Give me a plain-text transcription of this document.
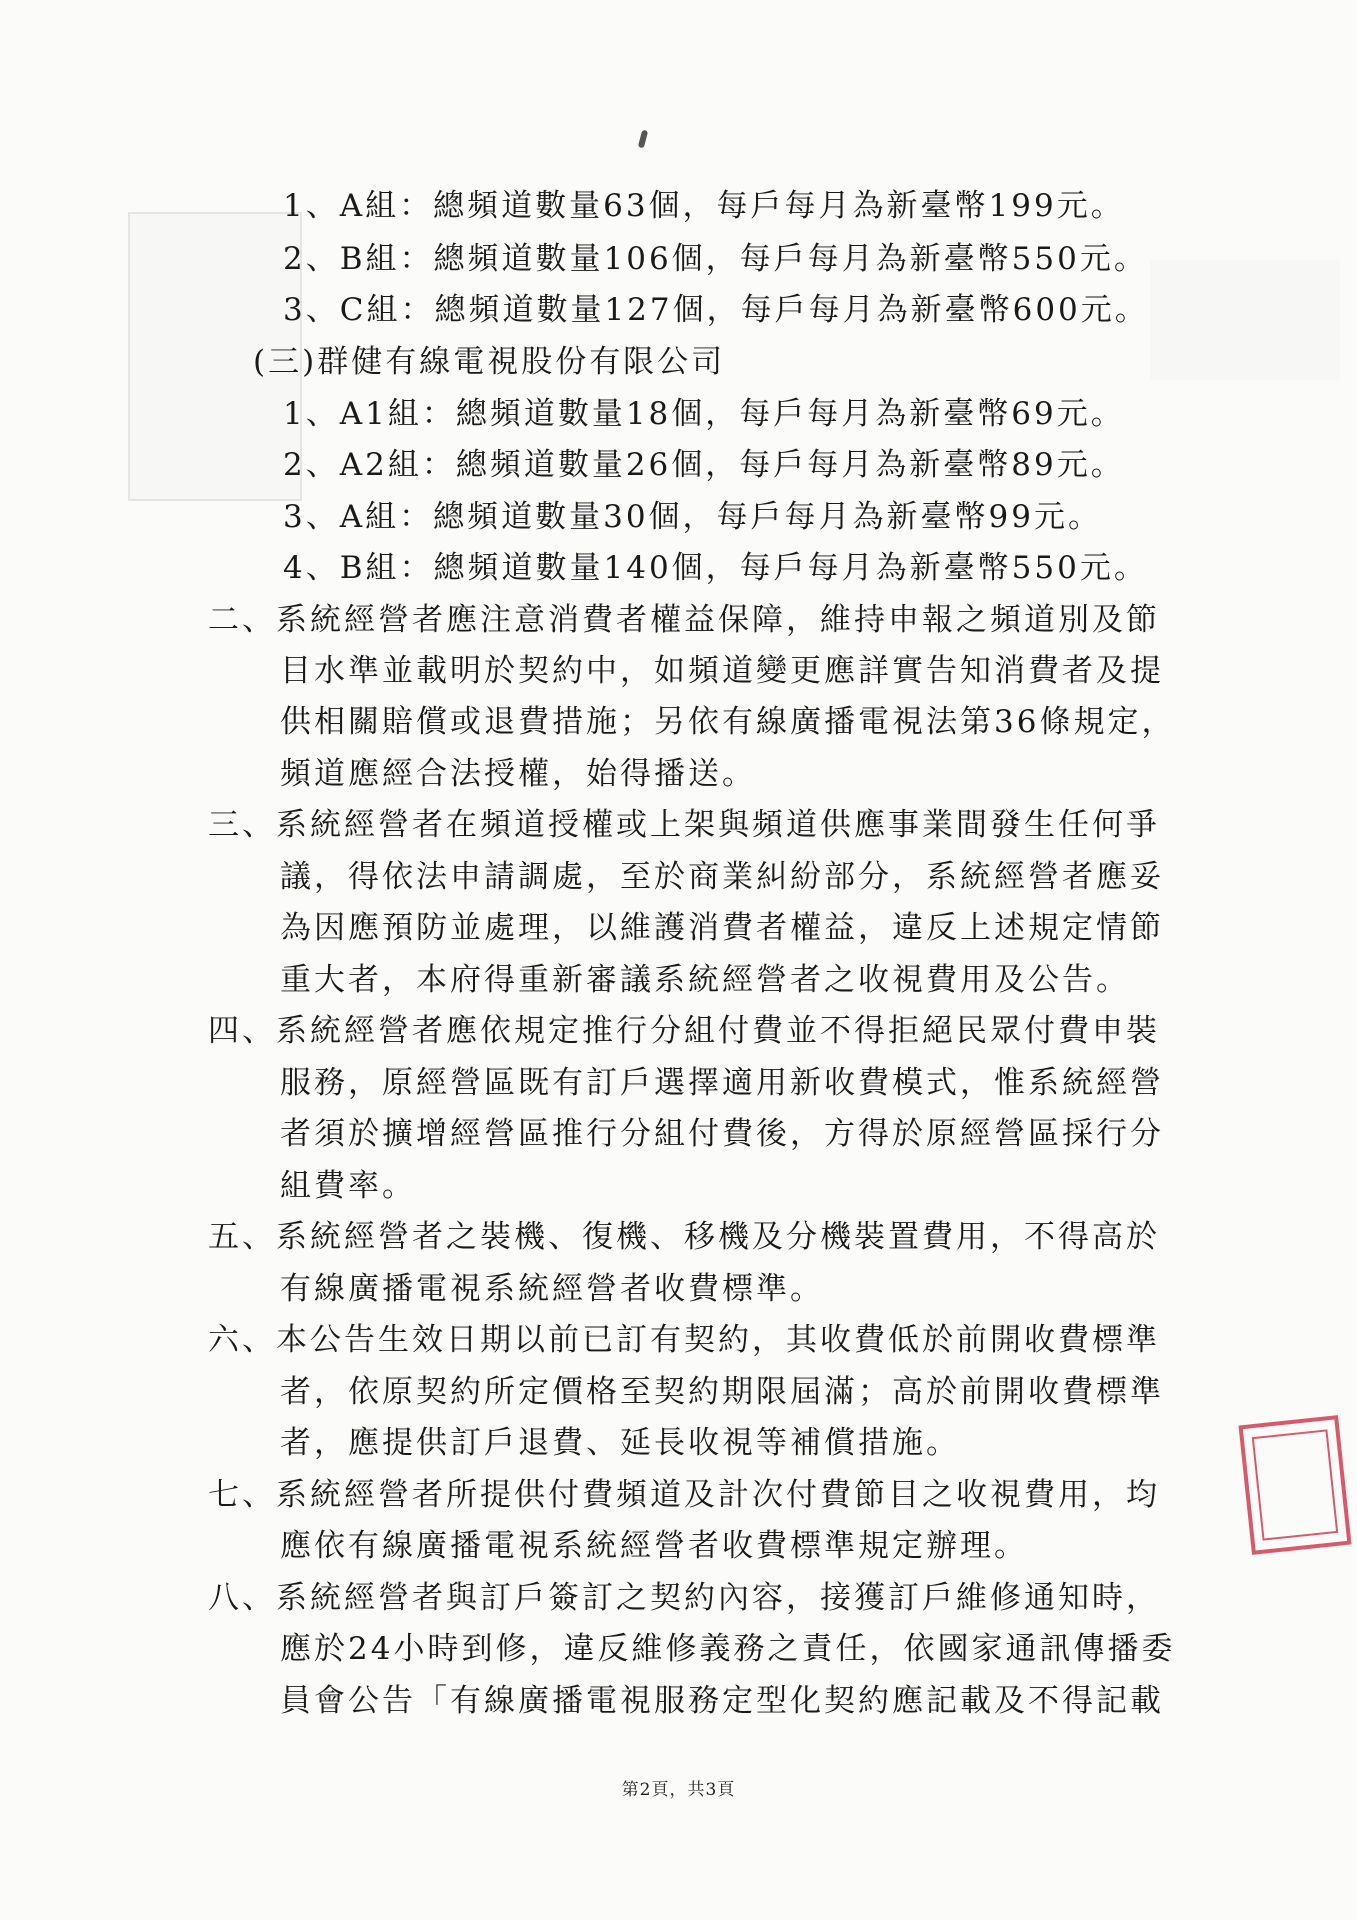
1、A組：總頻道數量63個，每戶每月為新臺幣199元。
2、B組：總頻道數量106個，每戶每月為新臺幣550元。
3、C組：總頻道數量127個，每戶每月為新臺幣600元。
(三)群健有線電視股份有限公司
1、A1組：總頻道數量18個，每戶每月為新臺幣69元。
2、A2組：總頻道數量26個，每戶每月為新臺幣89元。
3、A組：總頻道數量30個，每戶每月為新臺幣99元。
4、B組：總頻道數量140個，每戶每月為新臺幣550元。
二、系統經營者應注意消費者權益保障，維持申報之頻道別及節
目水準並載明於契約中，如頻道變更應詳實告知消費者及提
供相關賠償或退費措施；另依有線廣播電視法第36條規定，
頻道應經合法授權，始得播送。
三、系統經營者在頻道授權或上架與頻道供應事業間發生任何爭
議，得依法申請調處，至於商業糾紛部分，系統經營者應妥
為因應預防並處理，以維護消費者權益，違反上述規定情節
重大者，本府得重新審議系統經營者之收視費用及公告。
四、系統經營者應依規定推行分組付費並不得拒絕民眾付費申裝
服務，原經營區既有訂戶選擇適用新收費模式，惟系統經營
者須於擴增經營區推行分組付費後，方得於原經營區採行分
組費率。
五、系統經營者之裝機、復機、移機及分機裝置費用，不得高於
有線廣播電視系統經營者收費標準。
六、本公告生效日期以前已訂有契約，其收費低於前開收費標準
者，依原契約所定價格至契約期限屆滿；高於前開收費標準
者，應提供訂戶退費、延長收視等補償措施。
七、系統經營者所提供付費頻道及計次付費節目之收視費用，均
應依有線廣播電視系統經營者收費標準規定辦理。
八、系統經營者與訂戶簽訂之契約內容，接獲訂戶維修通知時，
應於24小時到修，違反維修義務之責任，依國家通訊傳播委
員會公告「有線廣播電視服務定型化契約應記載及不得記載
第2頁，共3頁
